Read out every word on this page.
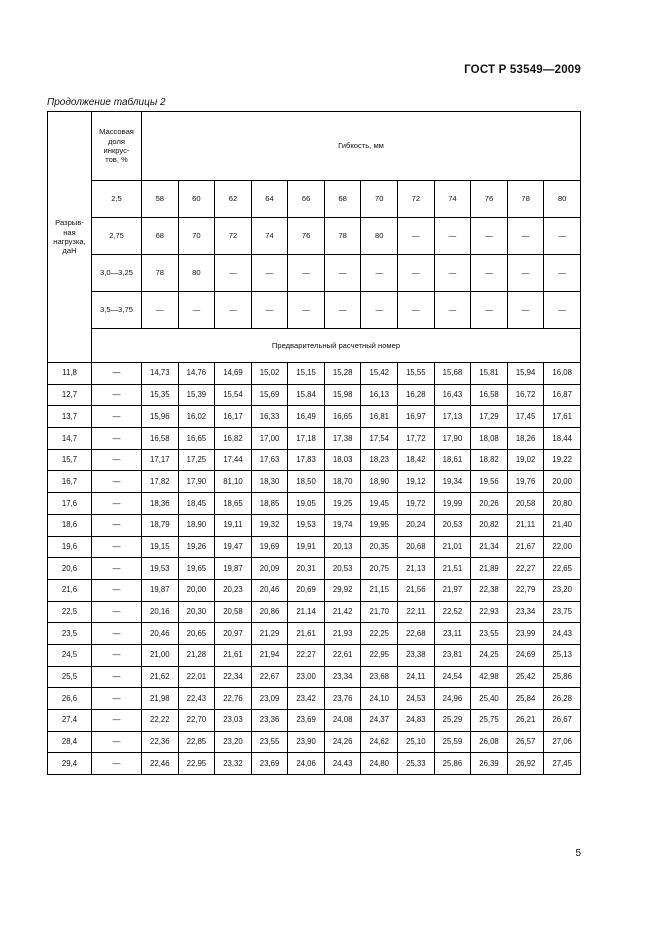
ГОСТ Р 53549—2009
Продолжение таблицы 2
Разрыв-
ная
нагрузка,
даН	Массовая
доля
инкрус-
тов, %	Гибкость, мм											
	2,5	58	60	62	64	66	68	70	72	74	76	78	80
	2,75	68	70	72	74	76	78	80	—	—	—	—	—
	3,0—3,25	78	80	—	—	—	—	—	—	—	—	—	—
	3,5—3,75	—	—	—	—	—	—	—	—	—	—	—	—
	Предварительный расчетный номер												
11,8	—	14,73	14,76	14,69	15,02	15,15	15,28	15,42	15,55	15,68	15,81	15,94	16,08
12,7	—	15,35	15,39	15,54	15,69	15,84	15,98	16,13	16,28	16,43	16,58	16,72	16,87
13,7	—	15,96	16,02	16,17	16,33	16,49	16,65	16,81	16,97	17,13	17,29	17,45	17,61
14,7	—	16,58	16,65	16,82	17,00	17,18	17,38	17,54	17,72	17,90	18,08	18,26	18,44
15,7	—	17,17	17,25	17,44	17,63	17,83	18,03	18,23	18,42	18,61	18,82	19,02	19,22
16,7	—	17,82	17,90	81,10	18,30	18,50	18,70	18,90	19,12	19,34	19,56	19,76	20,00
17,6	—	18,36	18,45	18,65	18,85	19,05	19,25	19,45	19,72	19,99	20,26	20,58	20,80
18,6	—	18,79	18,90	19,11	19,32	19,53	19,74	19,95	20,24	20,53	20,82	21,11	21,40
19,6	—	19,15	19,26	19,47	19,69	19,91	20,13	20,35	20,68	21,01	21,34	21,67	22,00
20,6	—	19,53	19,65	19,87	20,09	20,31	20,53	20,75	21,13	21,51	21,89	22,27	22,65
21,6	—	19,87	20,00	20,23	20,46	20,69	29,92	21,15	21,56	21,97	22,38	22,79	23,20
22,5	—	20,16	20,30	20,58	20,86	21,14	21,42	21,70	22,11	22,52	22,93	23,34	23,75
23,5	—	20,46	20,65	20,97	21,29	21,61	21,93	22,25	22,68	23,11	23,55	23,99	24,43
24,5	—	21,00	21,28	21,61	21,94	22,27	22,61	22,95	23,38	23,81	24,25	24,69	25,13
25,5	—	21,62	22,01	22,34	22,67	23,00	23,34	23,68	24,11	24,54	42,98	25,42	25,86
26,6	—	21,98	22,43	22,76	23,09	23,42	23,76	24,10	24,53	24,96	25,40	25,84	26,28
27,4	—	22,22	22,70	23,03	23,36	23,69	24,08	24,37	24,83	25,29	25,75	26,21	26,67
28,4	—	22,36	22,85	23,20	23,55	23,90	24,26	24,62	25,10	25,59	26,08	26,57	27,06
29,4	—	22,46	22,95	23,32	23,69	24,06	24,43	24,80	25,33	25,86	26,39	26,92	27,45
5
